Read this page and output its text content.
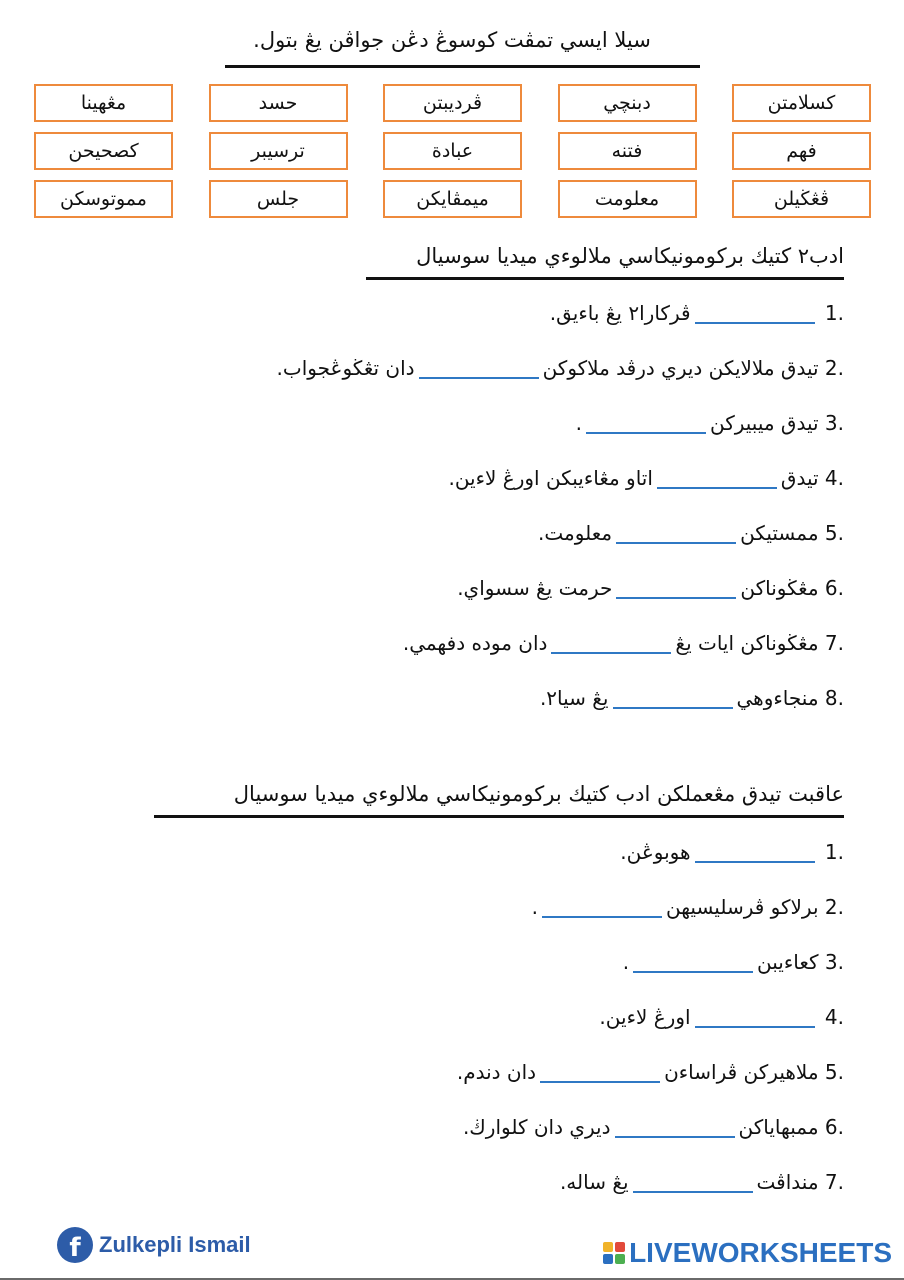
سيلا ايسي تمڤت كوسوڠ دڠن جواڤن يڠ بتول.
كسلامتن
دبنچي
ڤرديبتن
حسد
مڠهينا
فهم
فتنه
عبادة
ترسيبر
كصحيحن
ڤڠڬيلن
معلومت
ميمڤايكن
جلس
مموتوسكن
ادب٢ كتيك بركومونيكاسي ملالوءي ميديا سوسيال
1. ڤركارا٢ يڠ باءيق.
2. تيدق ملالايكن ديري درڤد ملاكوكندان تڠڬوڠجواب.
3. تيدق ميبيركن.
4. تيدقاتاو مڠاءيبكن اورڠ لاءين.
5. ممستيكنمعلومت.
6. مڠڬوناكنحرمت يڠ سسواي.
7. مڠڬوناكن ايات يڠدان موده دفهمي.
8. منجاءوهييڠ سيا٢.
عاقبت تيدق مڠعملكن ادب كتيك بركومونيكاسي ملالوءي ميديا سوسيال
1. هوبوڠن.
2. برلاكو ڤرسليسيهن.
3. كعاءيبن.
4. اورڠ لاءين.
5. ملاهيركن ڤراساءندان دندم.
6. ممبهاياكنديري دان كلوارڬ.
7. منداڤتيڠ ساله.
f Zulkepli Ismail	LIVEWORKSHEETS
